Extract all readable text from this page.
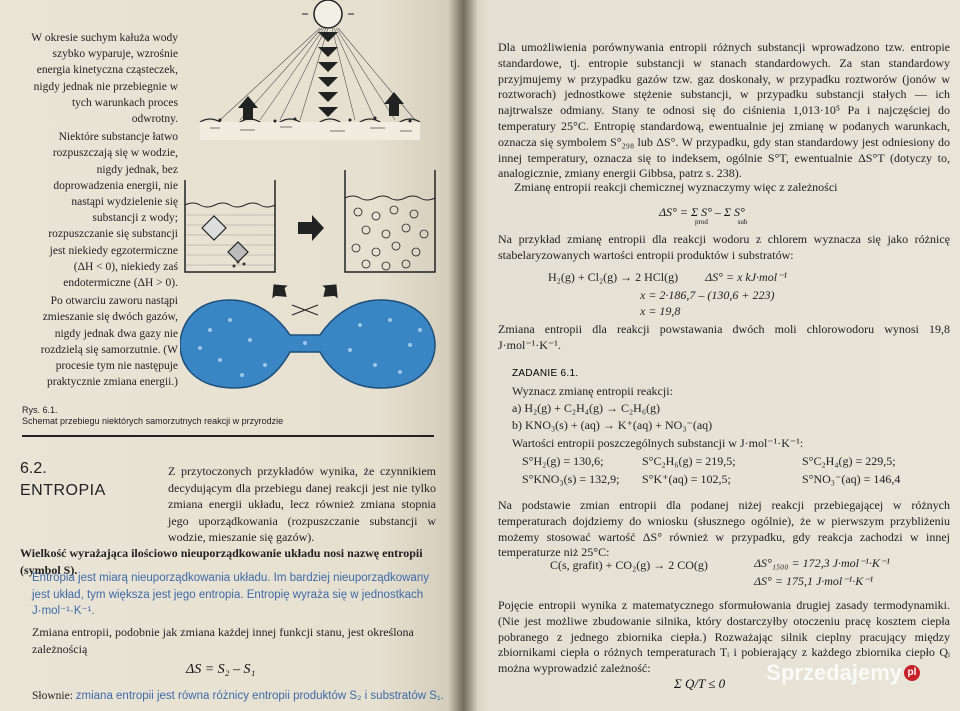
W okresie suchym kałuża wody szybko wyparuje, wzrośnie energia kinetyczna cząsteczek, nigdy jednak nie przebiegnie w tych warunkach proces odwrotny.

Niektóre substancje łatwo rozpuszczają się w wodzie, nigdy jednak, bez doprowadzenia energii, nie nastąpi wydzielenie się substancji z wody; rozpuszczanie się substancji jest niekiedy egzotermiczne (ΔH < 0), niekiedy zaś endotermiczne (ΔH > 0).

Po otwarciu zaworu nastąpi zmieszanie się dwóch gazów, nigdy jednak dwa gazy nie rozdzielą się samorzutnie. (W procesie tym nie następuje praktycznie zmiana energii.)

Rys. 6.1.
Schemat przebiegu niektórych samorzutnych reakcji w przyrodzie
6.2.
ENTROPIA
Z przytoczonych przykładów wynika, że czynnikiem decydującym dla przebiegu danej reakcji jest nie tylko zmiana energii układu, lecz również zmiana stopnia jego uporządkowania (rozpuszczanie substancji w wodzie, mieszanie się gazów).
Wielkość wyrażająca ilościowo nieuporządkowanie układu nosi nazwę entropii (symbol S).
Entropia jest miarą nieuporządkowania układu. Im bardziej nieuporządkowany jest układ, tym większa jest jego entropia. Entropię wyraża się w jednostkach J·mol⁻¹·K⁻¹.
Zmiana entropii, podobnie jak zmiana każdej innej funkcji stanu, jest określona zależnością
ΔS = S₂ – S₁
Słownie: zmiana entropii jest równa różnicy entropii produktów S₂ i substratów S₁.

Dla umożliwienia porównywania entropii różnych substancji wprowadzono tzw. entropie standardowe, tj. entropie substancji w stanach standardowych. Za stan standardowy przyjmujemy w przypadku gazów tzw. gaz doskonały, w przypadku roztworów (jonów w roztworach) jednostkowe stężenie substancji, w przypadku substancji stałych — ich najtrwalsze odmiany. Stany te odnosi się do ciśnienia 1,013·10⁵ Pa i najczęściej do temperatury 25°C. Entropię standardową, ewentualnie jej zmianę w podanych warunkach, oznacza się symbolem S°₂₉₈ lub ΔS°. W przypadku, gdy stan standardowy jest odniesiony do innej temperatury, oznacza się to indeksem, ogólnie S°T, ewentualnie ΔS°T (dotyczy to, analogicznie, zmiany energii Gibbsa, patrz s. 238).

Zmianę entropii reakcji chemicznej wyznaczymy więc z zależności
ΔS° = Σ S° – Σ S°
prod	sub
Na przykład zmianę entropii dla reakcji wodoru z chlorem wyznacza się jako różnicę stabelaryzowanych wartości entropii produktów i substratów:
H₂(g) + Cl₂(g) → 2 HCl(g) ΔS° = x kJ·mol⁻¹
x = 2·186,7 – (130,6 + 223)
x = 19,8
Zmiana entropii dla reakcji powstawania dwóch moli chlorowodoru wynosi 19,8 J·mol⁻¹·K⁻¹.
ZADANIE 6.1.
Wyznacz zmianę entropii reakcji:
a) H₂(g) + C₂H₄(g) → C₂H₆(g)
b) KNO₃(s) + (aq) → K⁺(aq) + NO₃⁻(aq)
Wartości entropii poszczególnych substancji w J·mol⁻¹·K⁻¹:
S°H₂(g) = 130,6;	S°C₂H₆(g) = 219,5;	S°C₂H₄(g) = 229,5;
S°KNO₃(s) = 132,9;	S°K⁺(aq) = 102,5;	S°NO₃⁻(aq) = 146,4
Na podstawie zmian entropii dla podanej niżej reakcji przebiegającej w różnych temperaturach dojdziemy do wniosku (słusznego ogólnie), że w pierwszym przybliżeniu możemy stosować wartość ΔS° również w przypadku, gdy reakcja zachodzi w innej temperaturze niż 25°C:
C(s, grafit) + CO₂(g) → 2 CO(g)	ΔS°₁₅₀₀ = 172,3 J·mol⁻¹·K⁻¹
ΔS° = 175,1 J·mol⁻¹·K⁻¹
Pojęcie entropii wynika z matematycznego sformułowania drugiej zasady termodynamiki. (Nie jest możliwe zbudowanie silnika, który dostarczyłby otoczeniu pracę kosztem ciepła pobranego z jednego zbiornika ciepła.) Rozważając silnik cieplny pracujący między zbiornikami ciepła o różnych temperaturach Tᵢ i pobierający z każdego zbiornika ciepło Qᵢ można wyprowadzić zależność:
Σ Q/T ≤ 0 Sprzedajemy pl
